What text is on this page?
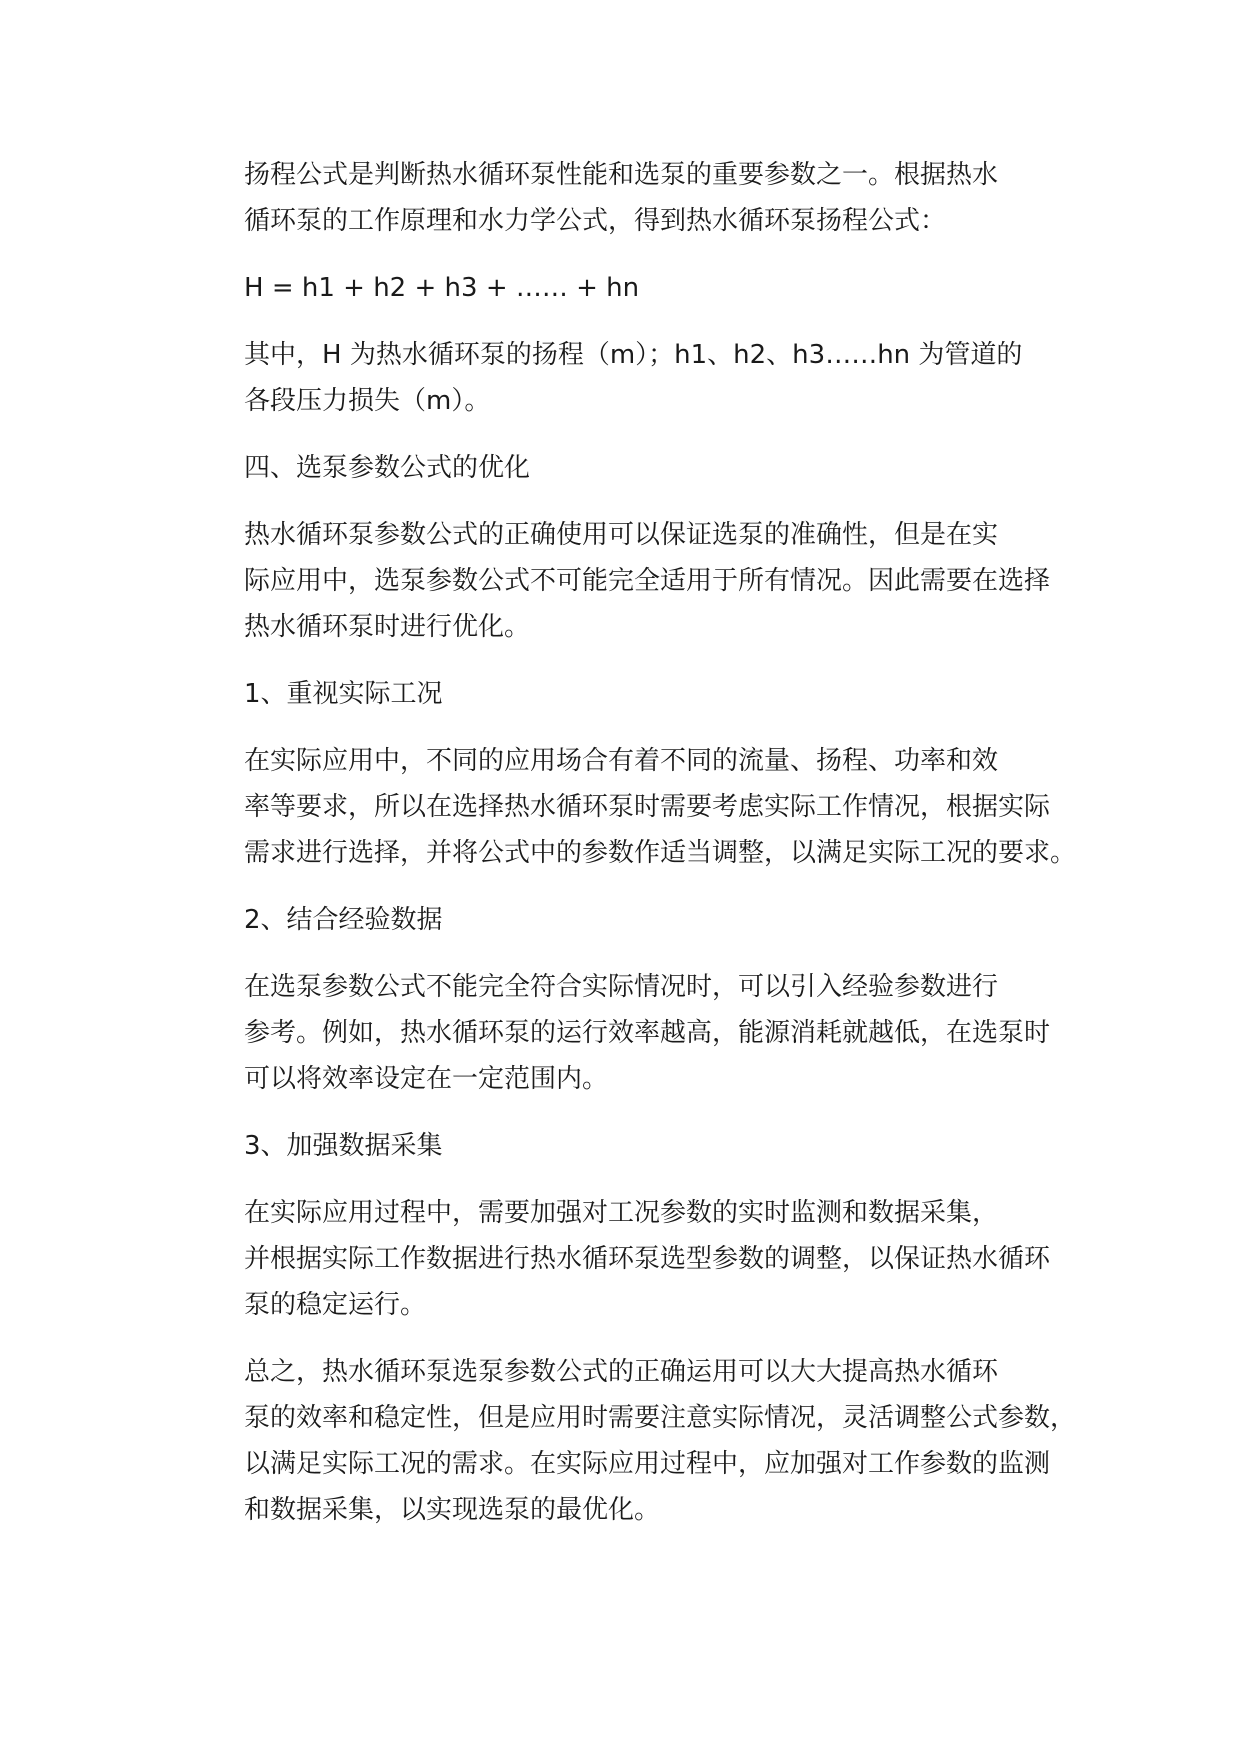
扬程公式是判断热水循环泵性能和选泵的重要参数之一。根据热水
循环泵的工作原理和水力学公式，得到热水循环泵扬程公式：

H = h1 + h2 + h3 + …… + hn

其中，H 为热水循环泵的扬程（m）；h1、h2、h3……hn 为管道的
各段压力损失（m）。

四、选泵参数公式的优化

热水循环泵参数公式的正确使用可以保证选泵的准确性，但是在实
际应用中，选泵参数公式不可能完全适用于所有情况。因此需要在选择
热水循环泵时进行优化。

1、重视实际工况

在实际应用中，不同的应用场合有着不同的流量、扬程、功率和效
率等要求，所以在选择热水循环泵时需要考虑实际工作情况，根据实际
需求进行选择，并将公式中的参数作适当调整，以满足实际工况的要求。

2、结合经验数据

在选泵参数公式不能完全符合实际情况时，可以引入经验参数进行
参考。例如，热水循环泵的运行效率越高，能源消耗就越低，在选泵时
可以将效率设定在一定范围内。

3、加强数据采集

在实际应用过程中，需要加强对工况参数的实时监测和数据采集，
并根据实际工作数据进行热水循环泵选型参数的调整，以保证热水循环
泵的稳定运行。

总之，热水循环泵选泵参数公式的正确运用可以大大提高热水循环
泵的效率和稳定性，但是应用时需要注意实际情况，灵活调整公式参数，
以满足实际工况的需求。在实际应用过程中，应加强对工作参数的监测
和数据采集，以实现选泵的最优化。
